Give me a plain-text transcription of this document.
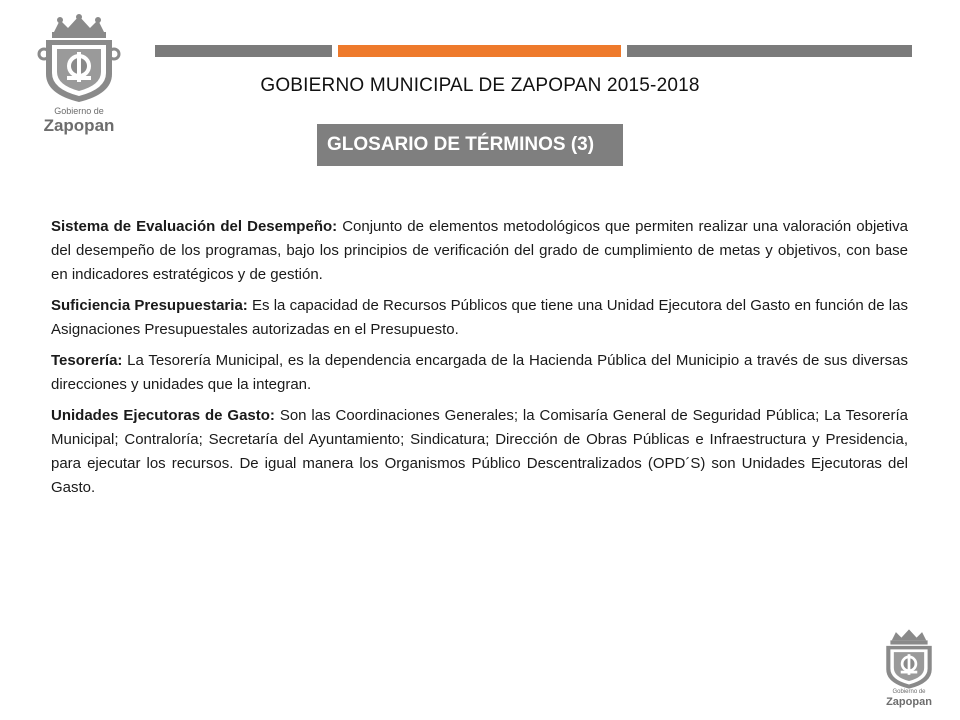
Gobierno de
Zapopan
GOBIERNO MUNICIPAL DE ZAPOPAN 2015-2018
GLOSARIO DE TÉRMINOS (3)

Sistema de Evaluación del Desempeño: Conjunto de elementos metodológicos que permiten realizar una valoración objetiva del desempeño de los programas, bajo los principios de verificación del grado de cumplimiento de metas y objetivos, con base en indicadores estratégicos y de gestión.

Suficiencia Presupuestaria: Es la capacidad de Recursos Públicos que tiene una Unidad Ejecutora del Gasto en función de las Asignaciones Presupuestales autorizadas en el Presupuesto.

Tesorería: La Tesorería Municipal, es la dependencia encargada de la Hacienda Pública del Municipio a través de sus diversas direcciones y unidades que la integran.

Unidades Ejecutoras de Gasto: Son las Coordinaciones Generales; la Comisaría General de Seguridad Pública; La Tesorería Municipal; Contraloría; Secretaría del Ayuntamiento; Sindicatura; Dirección de Obras Públicas e Infraestructura y Presidencia, para ejecutar los recursos. De igual manera los Organismos Público Descentralizados (OPD´S) son Unidades Ejecutoras del Gasto.

Gobierno de
Zapopan
